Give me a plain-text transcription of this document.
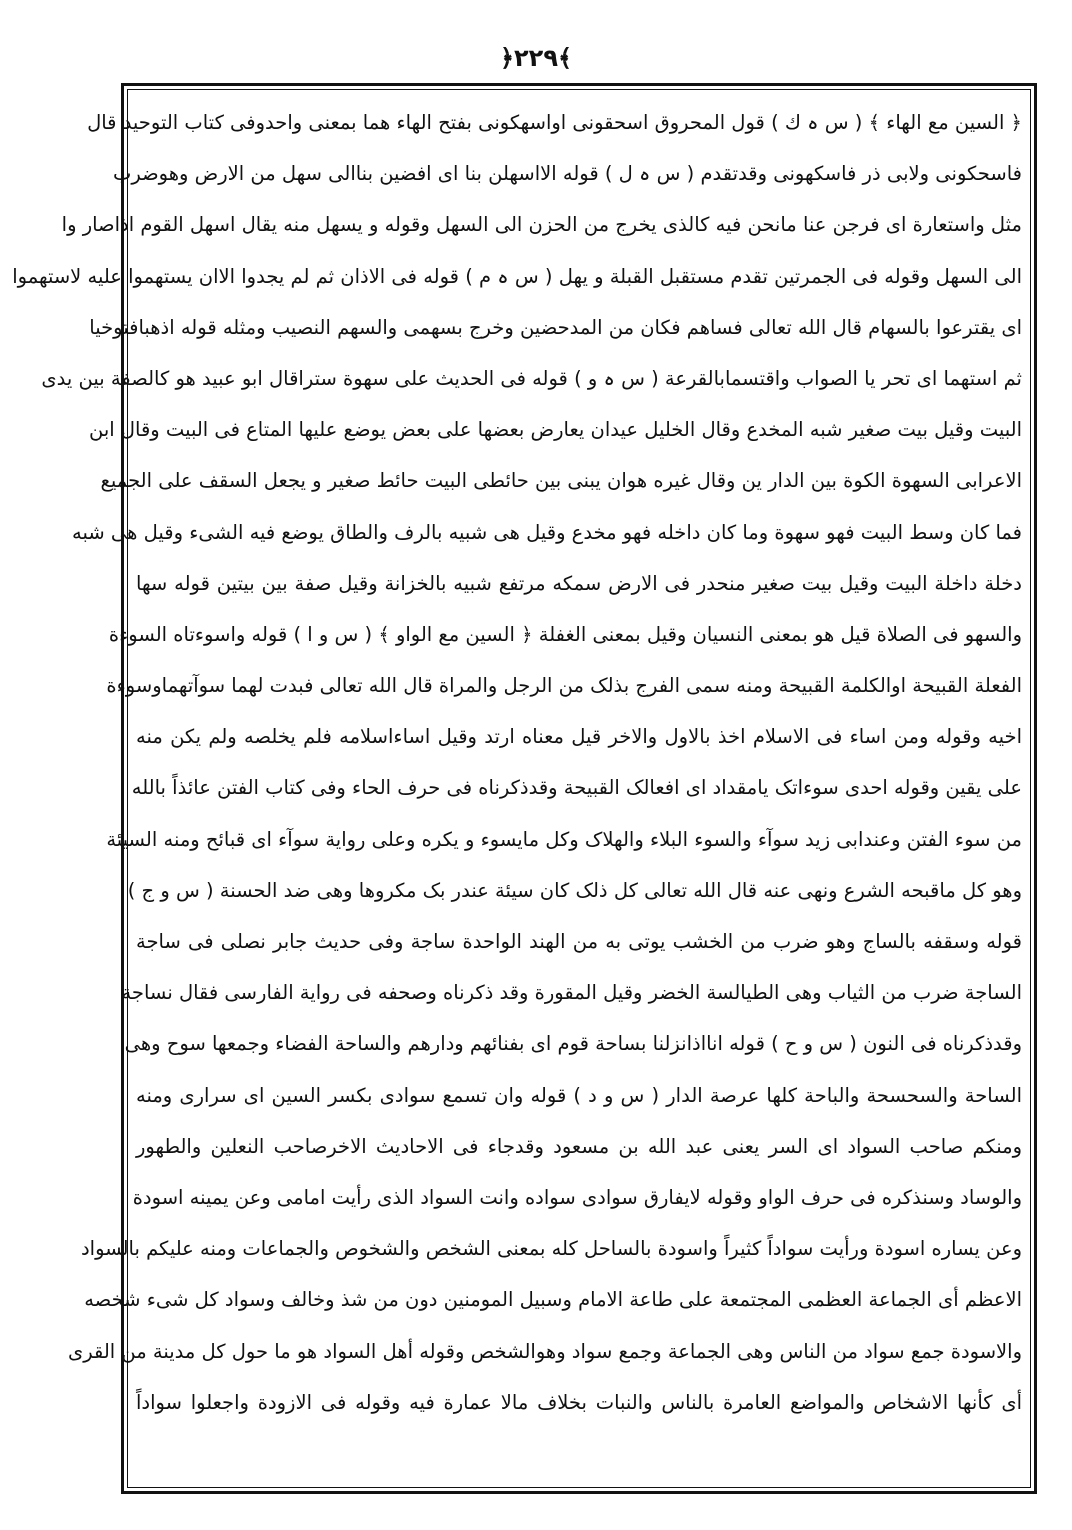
﴿٢٢٩﴾
﴿ السين مع الهاء ﴾ ( س ہ ك ) قول المحروق اسحقونی اواسهکونی بفتح الهاء هما بمعنی واحدوفی کتاب التوحید قال
فاسحکونی ولابی ذر فاسکهونی وقدتقدم ( س ہ ل ) قوله الااسهلن بنا ای افضین بناالی سهل من الارض وهوضرب
مثل واستعارة ای فرجن عنا مانحن فیه کالذی یخرج من الحزن الی السهل وقوله و یسهل منه یقال اسهل القوم اذاصار وا
الی السهل وقوله فی الجمرتین تقدم مستقبل القبلة و یهل ( س ہ م ) قوله فی الاذان ثم لم یجدوا الاان یستهموا علیه لاستهموا
ای یقترعوا بالسهام قال الله تعالی فساهم فکان من المدحضین وخرج بسهمی والسهم النصیب ومثله قوله اذهبافتوخیا
ثم استهما ای تحر یا الصواب واقتسمابالقرعة ( س ہ و ) قوله فی الحدیث علی سهوة ستراقال ابو عبید هو کالصفة بین یدی
البیت وقیل بیت صغیر شبه المخدع وقال الخلیل عیدان یعارض بعضها علی بعض یوضع علیها المتاع فی البیت وقال ابن
الاعرابی السهوة الکوة بین الدار ین وقال غیره هوان یبنی بین حائطی البیت حائط صغیر و یجعل السقف علی الجمیع
فما کان وسط البیت فهو سهوة وما کان داخله فهو مخدع وقیل هی شبیه بالرف والطاق یوضع فیه الشیء وقیل هی شبه
دخلة داخلة البیت وقیل بیت صغیر منحدر فی الارض سمکه مرتفع شبیه بالخزانة وقیل صفة بین بیتین قوله سها
والسهو فی الصلاة قیل هو بمعنی النسیان وقیل بمعنی الغفلة ﴿ السین مع الواو ﴾ ( س و ا ) قوله واسوءتاه السوءة
الفعلة القبیحة اوالکلمة القبیحة ومنه سمی الفرج بذلک من الرجل والمراة قال الله تعالی فبدت لهما سوآتهماوسوءة
اخیه وقوله ومن اساء فی الاسلام اخذ بالاول والاخر قیل معناه ارتد وقیل اساءاسلامه فلم یخلصه ولم یکن منه
علی یقین وقوله احدی سوءاتک یامقداد ای افعالک القبیحة وقدذکرناه فی حرف الحاء وفی کتاب الفتن عائذاً بالله
من سوء الفتن وعندابی زید سوآء والسوء البلاء والهلاک وکل مایسوء و یکره وعلی روایة سوآء ای قبائح ومنه السیئة
وهو کل ماقبحه الشرع ونهی عنه قال الله تعالی کل ذلک کان سیئة عندر بک مکروها وهی ضد الحسنة ( س و ج )
قوله وسقفه بالساج وهو ضرب من الخشب یوتی به من الهند الواحدة ساجة وفی حدیث جابر نصلی فی ساجة
الساجة ضرب من الثیاب وهی الطیالسة الخضر وقیل المقورة وقد ذکرناه وصحفه فی روایة الفارسی فقال نساجة
وقدذکرناه فی النون ( س و ح ) قوله انااذانزلنا بساحة قوم ای بفنائهم ودارهم والساحة الفضاء وجمعها سوح وهی
الساحة والسحسحة والباحة کلها عرصة الدار ( س و د ) قوله وان تسمع سوادی بکسر السین ای سراری ومنه
ومنکم صاحب السواد ای السر یعنی عبد الله بن مسعود وقدجاء فی الاحادیث الاخرصاحب النعلین والطهور
والوساد وسنذکره فی حرف الواو وقوله لایفارق سوادی سواده وانت السواد الذی رأیت امامی وعن یمینه اسودة
وعن یساره اسودة ورأیت سواداً کثیراً واسودة بالساحل کله بمعنی الشخص والشخوص والجماعات ومنه علیکم بالسواد
الاعظم أی الجماعة العظمی المجتمعة علی طاعة الامام وسبیل المومنین دون من شذ وخالف وسواد کل شیء شخصه
والاسودة جمع سواد من الناس وهی الجماعة وجمع سواد وهوالشخص وقوله أهل السواد هو ما حول کل مدینة من القری
أی کأنها الاشخاص والمواضع العامرة بالناس والنبات بخلاف مالا عمارة فیه وقوله فی الازودة واجعلوا سواداً
